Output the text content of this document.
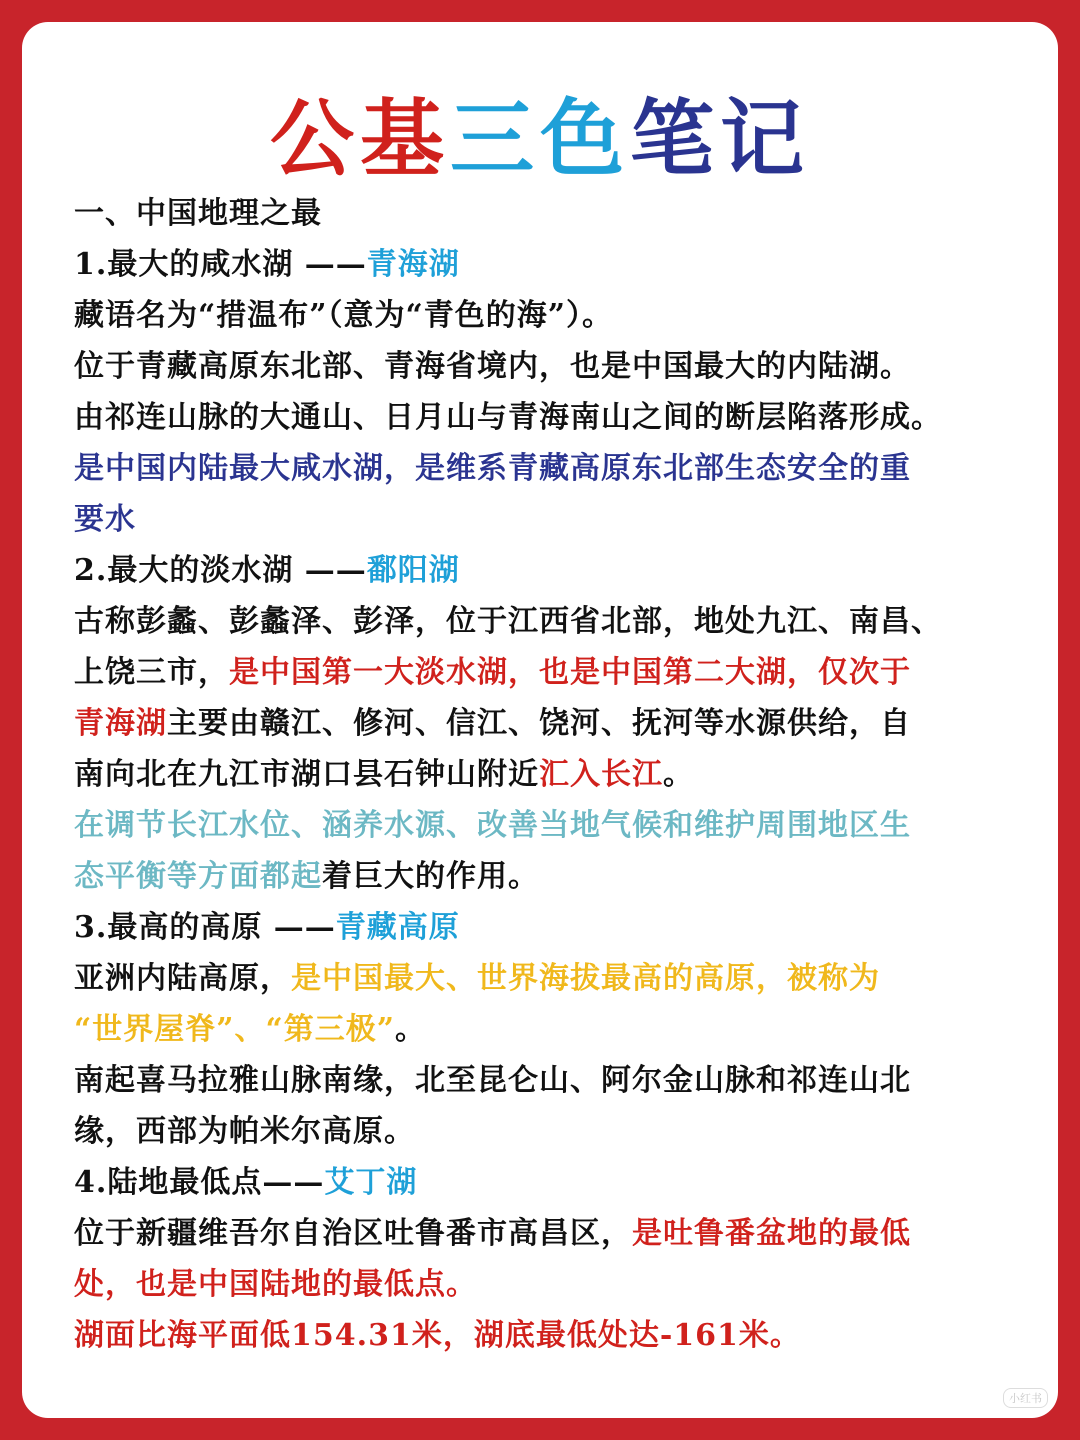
公基三色笔记
一、中国地理之最
1.最大的咸水湖 ——青海湖
藏语名为“措温布”（意为“青色的海”）。
位于青藏高原东北部、青海省境内，也是中国最大的内陆湖。
由祁连山脉的大通山、日月山与青海南山之间的断层陷落形成。
是中国内陆最大咸水湖，是维系青藏高原东北部生态安全的重
要水
2.最大的淡水湖 ——鄱阳湖
古称彭蠡、彭蠡泽、彭泽，位于江西省北部，地处九江、南昌、
上饶三市，是中国第一大淡水湖，也是中国第二大湖，仅次于
青海湖主要由赣江、修河、信江、饶河、抚河等水源供给，自
南向北在九江市湖口县石钟山附近汇入长江。
在调节长江水位、涵养水源、改善当地气候和维护周围地区生
态平衡等方面都起着巨大的作用。
3.最高的高原 ——青藏高原
亚洲内陆高原，是中国最大、世界海拔最高的高原，被称为
“世界屋脊”、“第三极”。
南起喜马拉雅山脉南缘，北至昆仑山、阿尔金山脉和祁连山北
缘，西部为帕米尔高原。
4.陆地最低点——艾丁湖
位于新疆维吾尔自治区吐鲁番市高昌区，是吐鲁番盆地的最低
处，也是中国陆地的最低点。
湖面比海平面低154.31米，湖底最低处达-161米。
小红书
